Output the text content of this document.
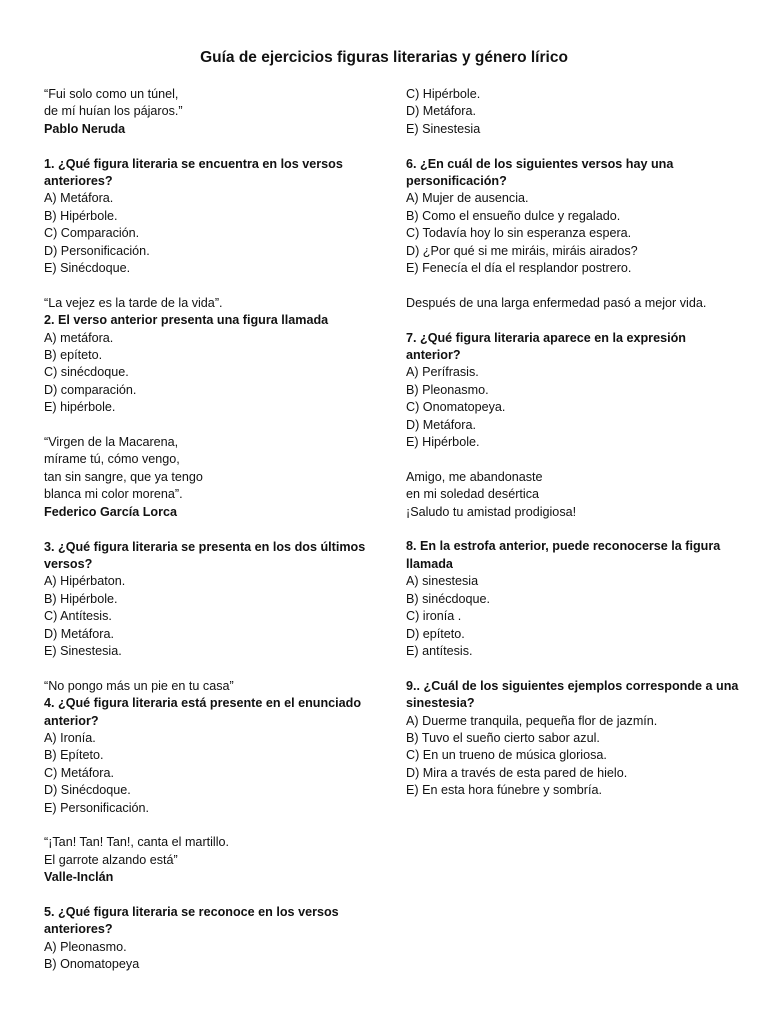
Guía de ejercicios figuras literarias y género lírico
“Fui solo como un túnel,
de mí huían los pájaros.”
Pablo Neruda
1. ¿Qué figura literaria se encuentra en los versos
anteriores?
A) Metáfora.
B) Hipérbole.
C) Comparación.
D) Personificación.
E) Sinécdoque.
“La vejez es la tarde de la vida”.
2. El verso anterior presenta una figura llamada
A) metáfora.
B) epíteto.
C) sinécdoque.
D) comparación.
E) hipérbole.
“Virgen de la Macarena,
mírame tú, cómo vengo,
tan sin sangre, que ya tengo
blanca mi color morena”.
Federico García Lorca
3. ¿Qué figura literaria se presenta en los dos últimos
versos?
A) Hipérbaton.
B) Hipérbole.
C) Antítesis.
D) Metáfora.
E) Sinestesia.
“No pongo más un pie en tu casa”
4. ¿Qué figura literaria está presente en el enunciado
anterior?
A) Ironía.
B) Epíteto.
C) Metáfora.
D) Sinécdoque.
E) Personificación.
“¡Tan! Tan! Tan!, canta el martillo.
El garrote alzando está”
Valle-Inclán
5. ¿Qué figura literaria se reconoce en los versos
anteriores?
A) Pleonasmo.
B) Onomatopeya
C) Hipérbole.
D) Metáfora.
E) Sinestesia
6. ¿En cuál de los siguientes versos hay una
personificación?
A) Mujer de ausencia.
B) Como el ensueño dulce y regalado.
C) Todavía hoy lo sin esperanza espera.
D) ¿Por qué si me miráis, miráis airados?
E) Fenecía el día el resplandor postrero.
Después de una larga enfermedad pasó a mejor vida.
7. ¿Qué figura literaria aparece en la expresión
anterior?
A) Perífrasis.
B) Pleonasmo.
C) Onomatopeya.
D) Metáfora.
E) Hipérbole.
Amigo, me abandonaste
en mi soledad desértica
¡Saludo tu amistad prodigiosa!
8. En la estrofa anterior, puede reconocerse la figura
llamada
A) sinestesia
B) sinécdoque.
C) ironía .
D) epíteto.
E) antítesis.
9.. ¿Cuál de los siguientes ejemplos corresponde a una
sinestesia?
A) Duerme tranquila, pequeña flor de jazmín.
B) Tuvo el sueño cierto sabor azul.
C) En un trueno de música gloriosa.
D) Mira a través de esta pared de hielo.
E) En esta hora fúnebre y sombría.
